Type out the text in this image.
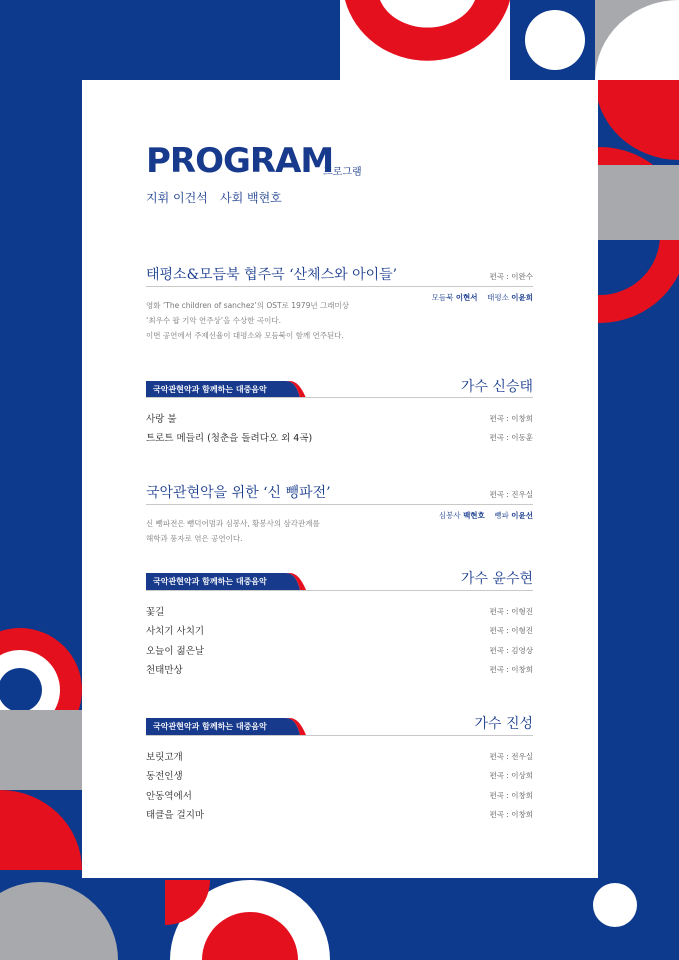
PROGRAM
프로그램
지휘 이건석 사회 백현호
태평소&모듬북 협주곡 ‘산체스와 아이들’	편곡 : 이완수
모듬북 이현서 태평소 이윤희
영화 ‘The children of sanchez’의 OST로 1979년 그래미상
‘최우수 팝 기악 연주상’을 수상한 곡이다.
이번 공연에서 주제선율이 대평소와 모듬북이 함께 연주된다.
국악관현악과 함께하는 대중음악	가수 신승태
사랑 불	편곡 : 이창희
트로트 메들리 (청춘을 돌려다오 외 4곡)	편곡 : 이동훈
국악관현악을 위한 ‘신 뺑파전’	편곡 : 진우실
심봉사 백현호 뺑파 이윤선
신 뺑파전은 뺑덕어멈과 심봉사, 황봉사의 삼각관계를
해학과 풍자로 엮은 공연이다.
국악관현악과 함께하는 대중음악	가수 윤수현
꽃길	편곡 : 이형진
사치기 사치기	편곡 : 이형진
오늘이 젊은날	편곡 : 김영상
천태만상	편곡 : 이창희
국악관현악과 함께하는 대중음악	가수 진성
보릿고개	편곡 : 전우실
동전인생	편곡 : 이상희
안동역에서	편곡 : 이창희
태클을 걸지마	편곡 : 이창희
